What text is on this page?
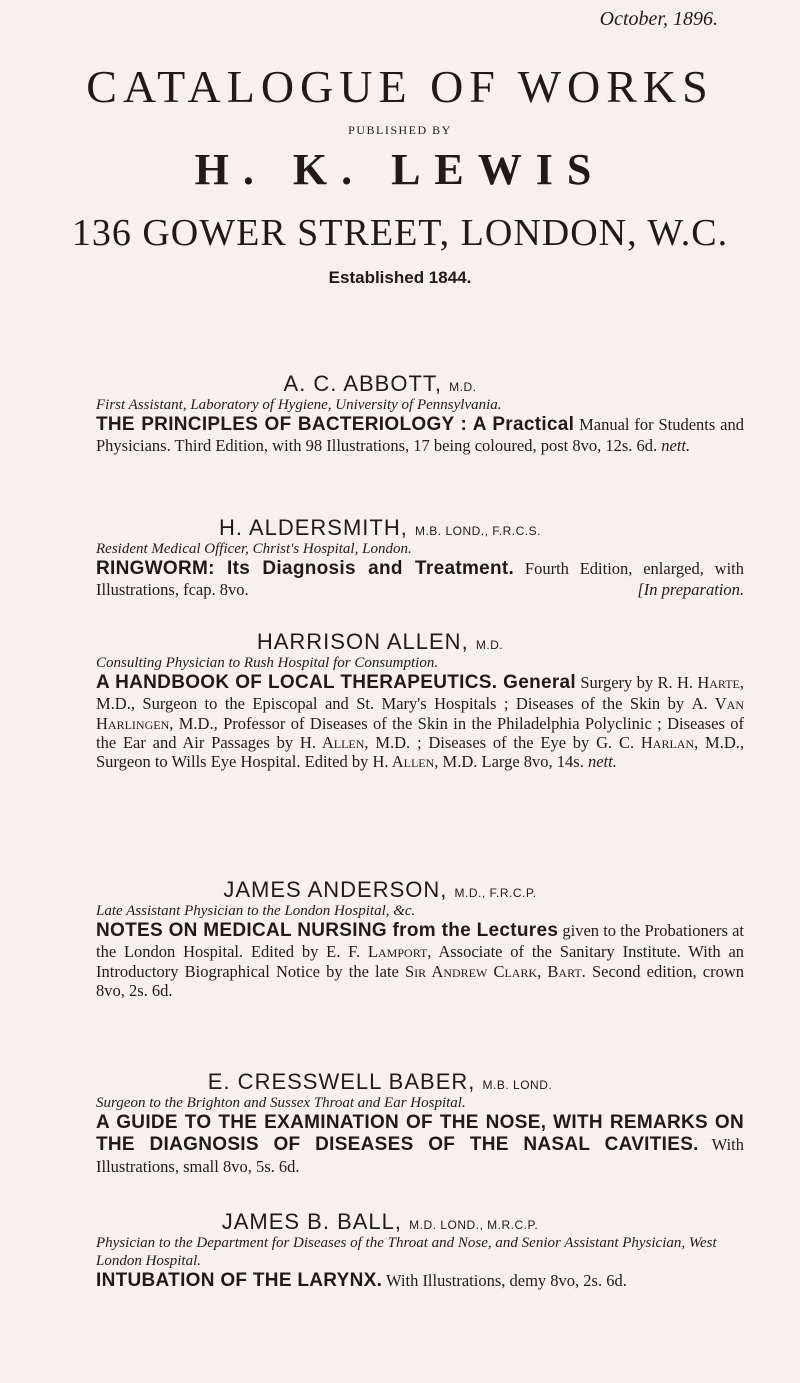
October, 1896.
CATALOGUE OF WORKS
PUBLISHED BY
H. K. LEWIS
136 GOWER STREET, LONDON, W.C.
Established 1844.
A. C. ABBOTT, M.D.
First Assistant, Laboratory of Hygiene, University of Pennsylvania.
THE PRINCIPLES OF BACTERIOLOGY : A Practical Manual for Students and Physicians. Third Edition, with 98 Illustrations, 17 being coloured, post 8vo, 12s. 6d. nett.
H. ALDERSMITH, M.B. LOND., F.R.C.S.
Resident Medical Officer, Christ's Hospital, London.
RINGWORM: Its Diagnosis and Treatment. Fourth Edition, enlarged, with Illustrations, fcap. 8vo.	[In preparation.
HARRISON ALLEN, M.D.
Consulting Physician to Rush Hospital for Consumption.
A HANDBOOK OF LOCAL THERAPEUTICS. General Surgery by R. H. Harte, M.D., Surgeon to the Episcopal and St. Mary's Hospitals ; Diseases of the Skin by A. Van Harlingen, M.D., Professor of Diseases of the Skin in the Philadelphia Polyclinic ; Diseases of the Ear and Air Passages by H. Allen, M.D. ; Diseases of the Eye by G. C. Harlan, M.D., Surgeon to Wills Eye Hospital. Edited by H. Allen, M.D. Large 8vo, 14s. nett.
JAMES ANDERSON, M.D., F.R.C.P.
Late Assistant Physician to the London Hospital, &c.
NOTES ON MEDICAL NURSING from the Lectures given to the Probationers at the London Hospital. Edited by E. F. Lamport, Associate of the Sanitary Institute. With an Introductory Biographical Notice by the late Sir Andrew Clark, Bart. Second edition, crown 8vo, 2s. 6d.
E. CRESSWELL BABER, M.B. LOND.
Surgeon to the Brighton and Sussex Throat and Ear Hospital.
A GUIDE TO THE EXAMINATION OF THE NOSE, WITH REMARKS ON THE DIAGNOSIS OF DISEASES OF THE NASAL CAVITIES. With Illustrations, small 8vo, 5s. 6d.
JAMES B. BALL, M.D. LOND., M.R.C.P.
Physician to the Department for Diseases of the Throat and Nose, and Senior Assistant Physician, West London Hospital.
INTUBATION OF THE LARYNX. With Illustrations, demy 8vo, 2s. 6d.
